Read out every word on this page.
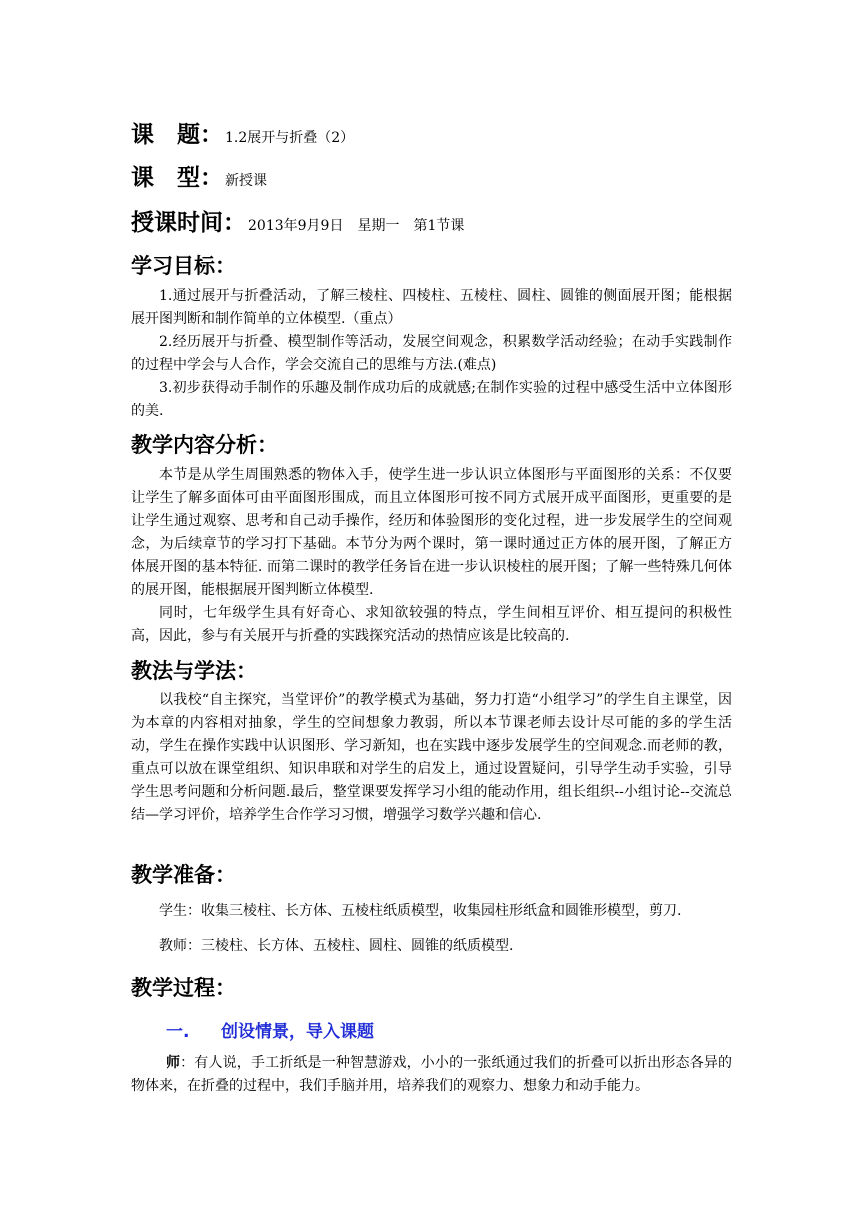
课　题： 1.2展开与折叠（2）
课　型： 新授课
授课时间： 2013年9月9日　星期一　第1节课
学习目标：

1.通过展开与折叠活动，了解三棱柱、四棱柱、五棱柱、圆柱、圆锥的侧面展开图；能根据展开图判断和制作简单的立体模型.（重点）

2.经历展开与折叠、模型制作等活动，发展空间观念，积累数学活动经验；在动手实践制作的过程中学会与人合作，学会交流自己的思维与方法.(难点)

3.初步获得动手制作的乐趣及制作成功后的成就感;在制作实验的过程中感受生活中立体图形的美.

教学内容分析：

本节是从学生周围熟悉的物体入手，使学生进一步认识立体图形与平面图形的关系：不仅要让学生了解多面体可由平面图形围成，而且立体图形可按不同方式展开成平面图形，更重要的是让学生通过观察、思考和自己动手操作，经历和体验图形的变化过程，进一步发展学生的空间观念，为后续章节的学习打下基础。本节分为两个课时，第一课时通过正方体的展开图，了解正方体展开图的基本特征. 而第二课时的教学任务旨在进一步认识棱柱的展开图；了解一些特殊几何体的展开图，能根据展开图判断立体模型.

同时，七年级学生具有好奇心、求知欲较强的特点，学生间相互评价、相互提问的积极性高，因此，参与有关展开与折叠的实践探究活动的热情应该是比较高的.

教法与学法：

以我校“自主探究，当堂评价”的教学模式为基础，努力打造“小组学习”的学生自主课堂，因为本章的内容相对抽象，学生的空间想象力教弱，所以本节课老师去设计尽可能的多的学生活动，学生在操作实践中认识图形、学习新知，也在实践中逐步发展学生的空间观念.而老师的教，重点可以放在课堂组织、知识串联和对学生的启发上，通过设置疑问，引导学生动手实验，引导学生思考问题和分析问题.最后，整堂课要发挥学习小组的能动作用，组长组织--小组讨论--交流总结—学习评价，培养学生合作学习习惯，增强学习数学兴趣和信心.

教学准备：

学生：收集三棱柱、长方体、五棱柱纸质模型，收集园柱形纸盒和圆锥形模型，剪刀.

教师：三棱柱、长方体、五棱柱、圆柱、圆锥的纸质模型.

教学过程：
一. 创设情景，导入课题

师：有人说，手工折纸是一种智慧游戏，小小的一张纸通过我们的折叠可以折出形态各异的物体来，在折叠的过程中，我们手脑并用，培养我们的观察力、想象力和动手能力。
